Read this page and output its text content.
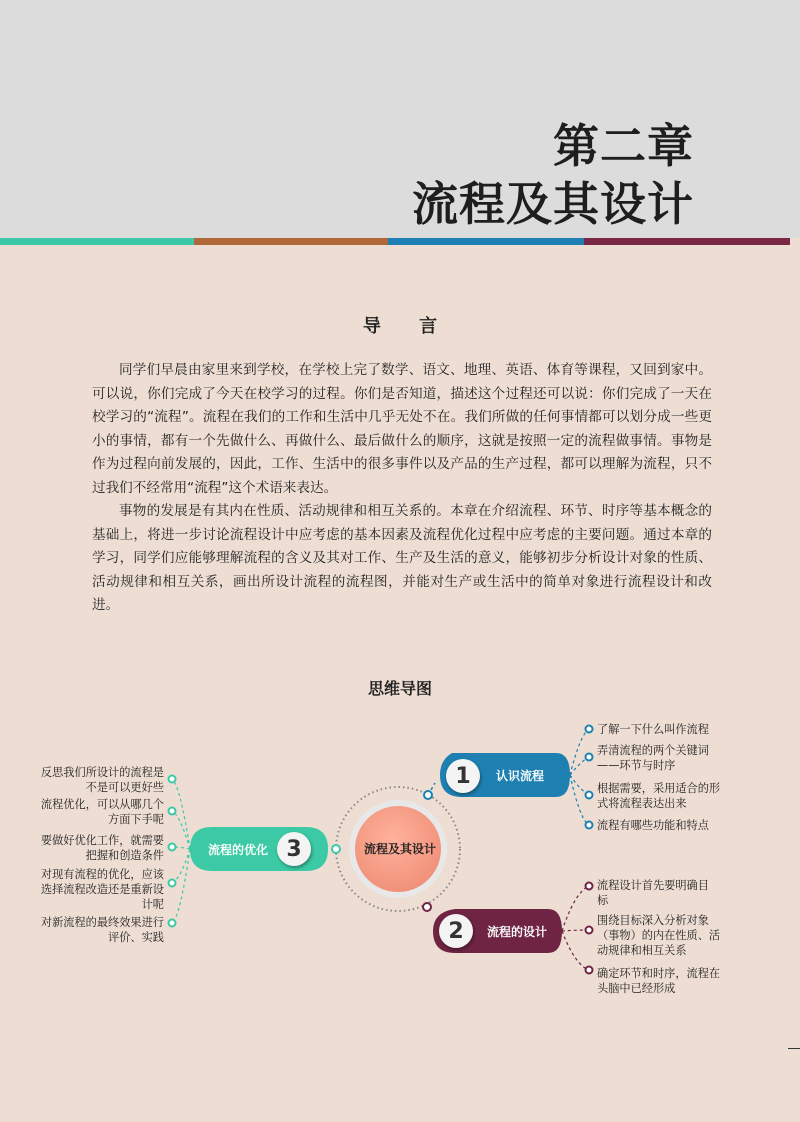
第二章
流程及其设计
导 言

同学们早晨由家里来到学校，在学校上完了数学、语文、地理、英语、体育等课程，又回到家中。可以说，你们完成了今天在校学习的过程。你们是否知道，描述这个过程还可以说：你们完成了一天在校学习的“流程”。流程在我们的工作和生活中几乎无处不在。我们所做的任何事情都可以划分成一些更小的事情，都有一个先做什么、再做什么、最后做什么的顺序，这就是按照一定的流程做事情。事物是作为过程向前发展的，因此，工作、生活中的很多事件以及产品的生产过程，都可以理解为流程，只不过我们不经常用“流程”这个术语来表达。

事物的发展是有其内在性质、活动规律和相互关系的。本章在介绍流程、环节、时序等基本概念的基础上，将进一步讨论流程设计中应考虑的基本因素及流程优化过程中应考虑的主要问题。通过本章的学习，同学们应能够理解流程的含义及其对工作、生产及生活的意义，能够初步分析设计对象的性质、活动规律和相互关系，画出所设计流程的流程图，并能对生产或生活中的简单对象进行流程设计和改进。

思维导图
流程及其设计
1	认识流程
了解一下什么叫作流程
弄清流程的两个关键词——环节与时序
根据需要，采用适合的形式将流程表达出来
流程有哪些功能和特点
2	流程的设计
流程设计首先要明确目标
围绕目标深入分析对象（事物）的内在性质、活动规律和相互关系
确定环节和时序，流程在头脑中已经形成
3
流程的优化
反思我们所设计的流程是不是可以更好些
流程优化，可以从哪几个方面下手呢
要做好优化工作，就需要把握和创造条件
对现有流程的优化，应该选择流程改造还是重新设计呢
对新流程的最终效果进行评价、实践
